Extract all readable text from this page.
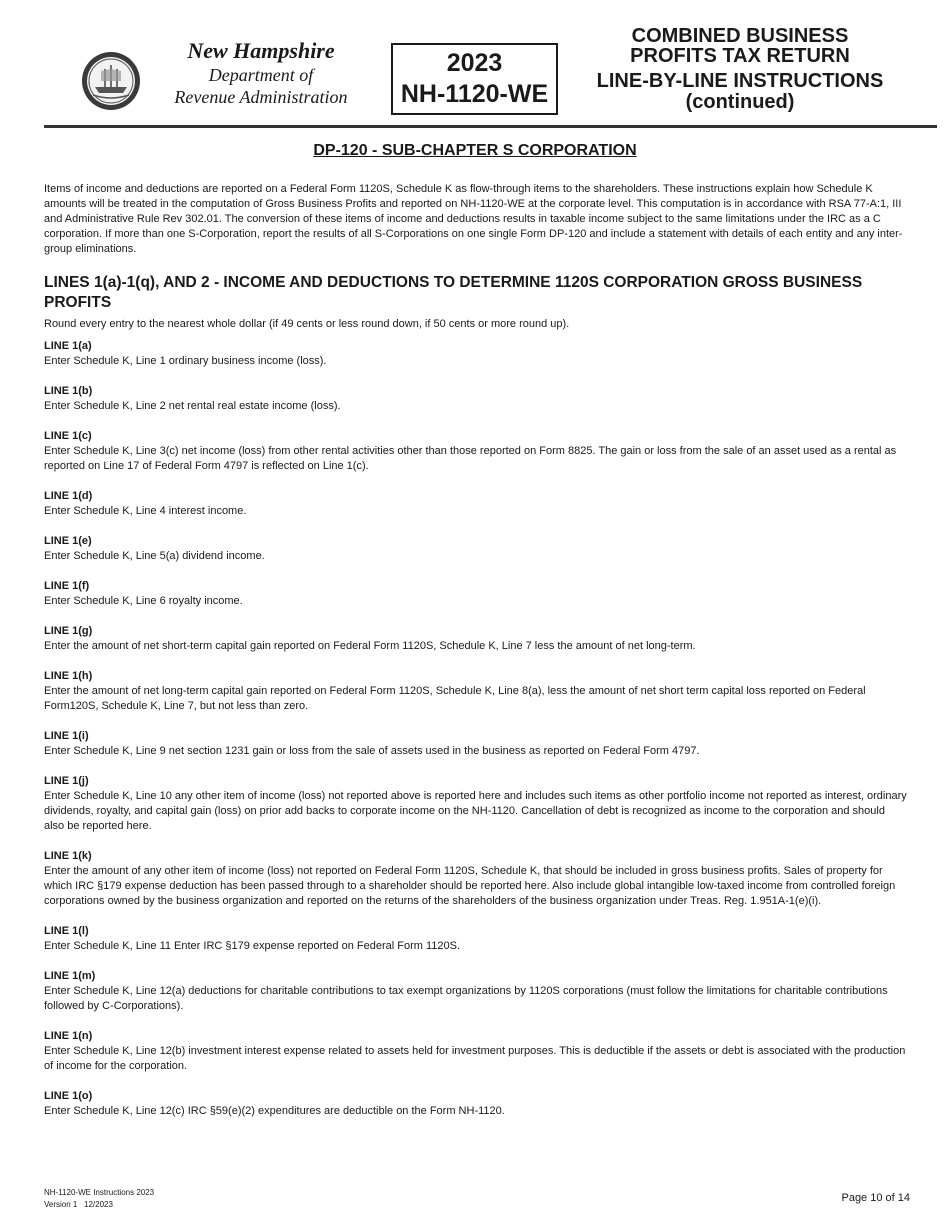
New Hampshire
Department of
Revenue Administration
2023
NH-1120-WE
COMBINED BUSINESS
PROFITS TAX RETURN
LINE-BY-LINE INSTRUCTIONS
(continued)
DP-120 - SUB-CHAPTER S CORPORATION
Items of income and deductions are reported on a Federal Form 1120S, Schedule K as flow-through items to the shareholders. These instructions explain how Schedule K amounts will be treated in the computation of Gross Business Profits and reported on NH-1120-WE at the corporate level. This computation is in accordance with RSA 77-A:1, III and Administrative Rule Rev 302.01. The conversion of these items of income and deductions results in taxable income subject to the same limitations under the IRC as a C corporation. If more than one S-Corporation, report the results of all S-Corporations on one single Form DP-120 and include a statement with details of each entity and any inter-group eliminations.
LINES 1(a)-1(q), AND 2 - INCOME AND DEDUCTIONS TO DETERMINE 1120S CORPORATION GROSS BUSINESS PROFITS
Round every entry to the nearest whole dollar (if 49 cents or less round down, if 50 cents or more round up).
LINE 1(a)
Enter Schedule K, Line 1 ordinary business income (loss).
LINE 1(b)
Enter Schedule K, Line 2 net rental real estate income (loss).
LINE 1(c)
Enter Schedule K, Line 3(c) net income (loss) from other rental activities other than those reported on Form 8825. The gain or loss from the sale of an asset used as a rental as reported on Line 17 of Federal Form 4797 is reflected on Line 1(c).
LINE 1(d)
Enter Schedule K, Line 4 interest income.
LINE 1(e)
Enter Schedule K, Line 5(a) dividend income.
LINE 1(f)
Enter Schedule K, Line 6 royalty income.
LINE 1(g)
Enter the amount of net short-term capital gain reported on Federal Form 1120S, Schedule K, Line 7 less the amount of net long-term.
LINE 1(h)
Enter the amount of net long-term capital gain reported on Federal Form 1120S, Schedule K, Line 8(a), less the amount of net short term capital loss reported on Federal Form120S, Schedule K, Line 7, but not less than zero.
LINE 1(i)
Enter Schedule K, Line 9 net section 1231 gain or loss from the sale of assets used in the business as reported on Federal Form 4797.
LINE 1(j)
Enter Schedule K, Line 10 any other item of income (loss) not reported above is reported here and includes such items as other portfolio income not reported as interest, ordinary dividends, royalty, and capital gain (loss) on prior add backs to corporate income on the NH-1120. Cancellation of debt is recognized as income to the corporation and should also be reported here.
LINE 1(k)
Enter the amount of any other item of income (loss) not reported on Federal Form 1120S, Schedule K, that should be included in gross business profits. Sales of property for which IRC §179 expense deduction has been passed through to a shareholder should be reported here. Also include global intangible low-taxed income from controlled foreign corporations owned by the business organization and reported on the returns of the shareholders of the business organization under Treas. Reg. 1.951A-1(e)(i).
LINE 1(l)
Enter Schedule K, Line 11 Enter IRC §179 expense reported on Federal Form 1120S.
LINE 1(m)
Enter Schedule K, Line 12(a) deductions for charitable contributions to tax exempt organizations by 1120S corporations (must follow the limitations for charitable contributions followed by C-Corporations).
LINE 1(n)
Enter Schedule K, Line 12(b) investment interest expense related to assets held for investment purposes. This is deductible if the assets or debt is associated with the production of income for the corporation.
LINE 1(o)
Enter Schedule K, Line 12(c) IRC §59(e)(2) expenditures are deductible on the Form NH-1120.
NH-1120-WE Instructions 2023
Version 1   12/2023
Page 10 of 14
